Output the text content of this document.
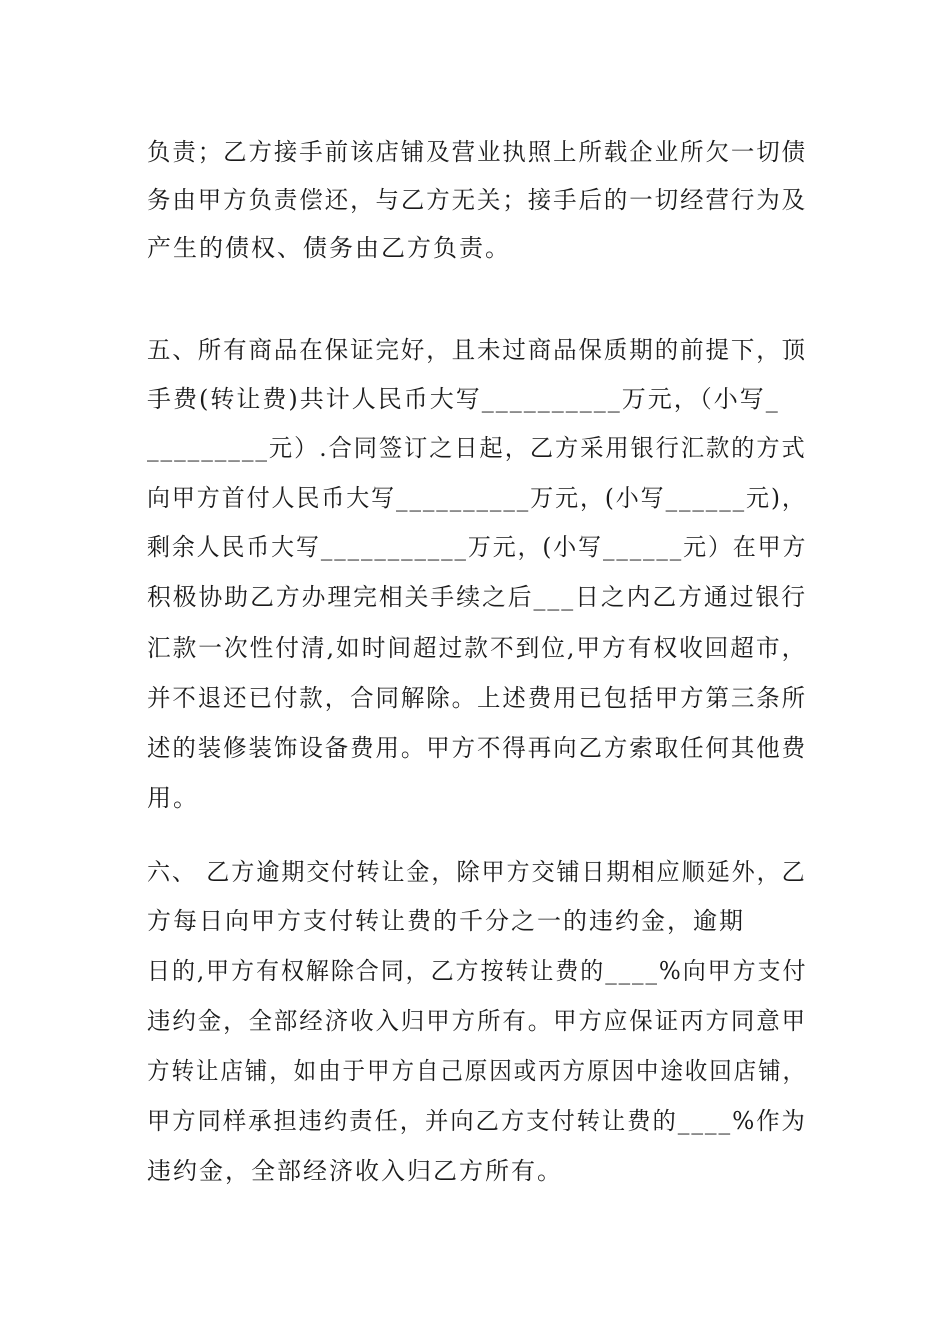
负责；乙方接手前该店铺及营业执照上所载企业所欠一切债
务由甲方负责偿还，与乙方无关；接手后的一切经营行为及
产生的债权、债务由乙方负责。
五、所有商品在保证完好，且未过商品保质期的前提下，顶
手费(转让费)共计人民币大写__________万元，（小写_
_________元）.合同签订之日起，乙方采用银行汇款的方式
向甲方首付人民币大写__________万元，(小写______元)，
剩余人民币大写___________万元，(小写______元）在甲方
积极协助乙方办理完相关手续之后___日之内乙方通过银行
汇款一次性付清,如时间超过款不到位,甲方有权收回超市，
并不退还已付款，合同解除。上述费用已包括甲方第三条所
述的装修装饰设备费用。甲方不得再向乙方索取任何其他费
用。
六、 乙方逾期交付转让金，除甲方交铺日期相应顺延外，乙
方每日向甲方支付转让费的千分之一的违约金，逾期
日的,甲方有权解除合同，乙方按转让费的____%向甲方支付
违约金，全部经济收入归甲方所有。甲方应保证丙方同意甲
方转让店铺，如由于甲方自己原因或丙方原因中途收回店铺，
甲方同样承担违约责任，并向乙方支付转让费的____%作为
违约金，全部经济收入归乙方所有。
